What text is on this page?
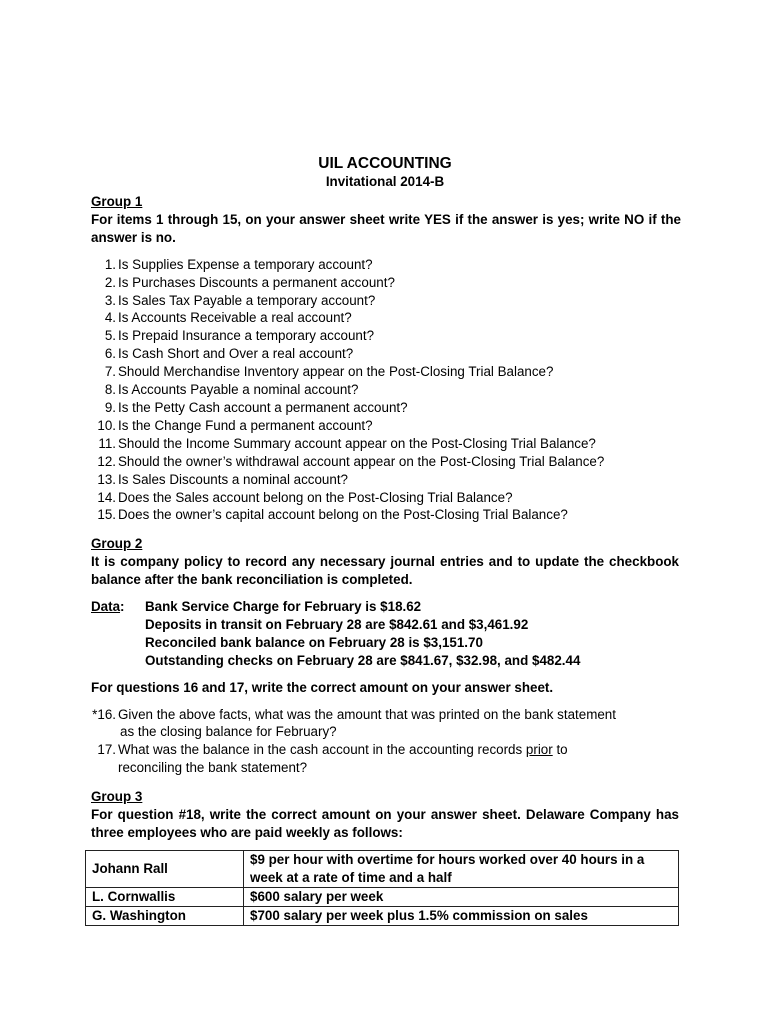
UIL ACCOUNTING
Invitational 2014-B
Group 1
For items 1 through 15, on your answer sheet write YES if the answer is yes; write NO if the answer is no.
1. Is Supplies Expense a temporary account?
2. Is Purchases Discounts a permanent account?
3. Is Sales Tax Payable a temporary account?
4. Is Accounts Receivable a real account?
5. Is Prepaid Insurance a temporary account?
6. Is Cash Short and Over a real account?
7. Should Merchandise Inventory appear on the Post-Closing Trial Balance?
8. Is Accounts Payable a nominal account?
9. Is the Petty Cash account a permanent account?
10. Is the Change Fund a permanent account?
11. Should the Income Summary account appear on the Post-Closing Trial Balance?
12. Should the owner’s withdrawal account appear on the Post-Closing Trial Balance?
13. Is Sales Discounts a nominal account?
14. Does the Sales account belong on the Post-Closing Trial Balance?
15. Does the owner’s capital account belong on the Post-Closing Trial Balance?
Group 2
It is company policy to record any necessary journal entries and to update the checkbook balance after the bank reconciliation is completed.
Data:	Bank Service Charge for February is $18.62
Deposits in transit on February 28 are $842.61 and $3,461.92
Reconciled bank balance on February 28 is $3,151.70
Outstanding checks on February 28 are $841.67, $32.98, and $482.44
For questions 16 and 17, write the correct amount on your answer sheet.
*16. Given the above facts, what was the amount that was printed on the bank statement
as the closing balance for February?
17. What was the balance in the cash account in the accounting records prior to
reconciling the bank statement?
Group 3
For question #18, write the correct amount on your answer sheet. Delaware Company has three employees who are paid weekly as follows:
Johann Rall	$9 per hour with overtime for hours worked over 40 hours in a week at a rate of time and a half
L. Cornwallis	$600 salary per week
G. Washington	$700 salary per week plus 1.5% commission on sales
